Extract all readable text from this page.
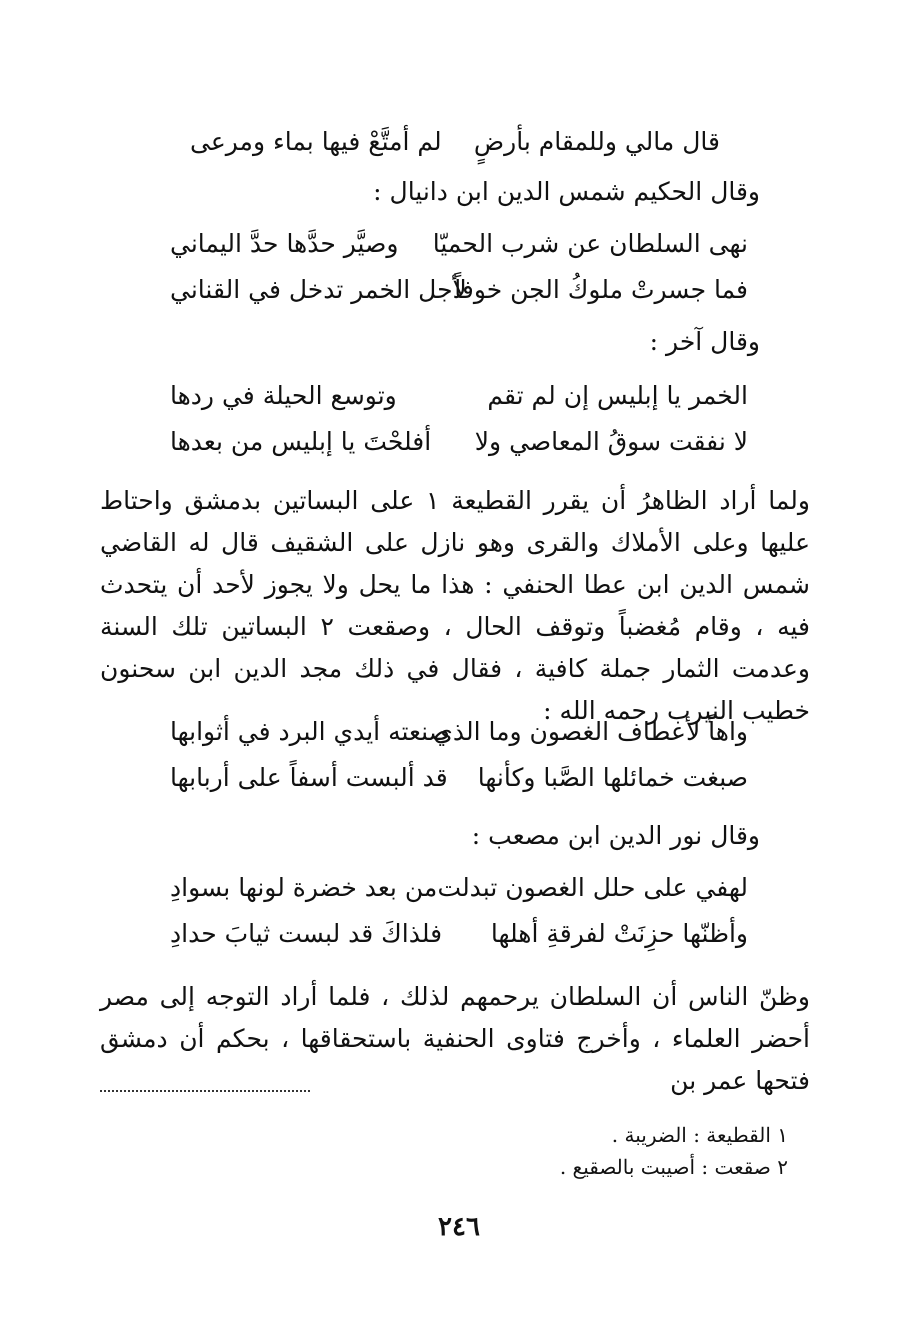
قال مالي وللمقام بأرضٍ
لم أمتَّعْ فيها بماء ومرعى
وقال الحكيم شمس الدين ابن دانيال :
نهى السلطان عن شرب الحميّا
وصيَّر حدَّها حدَّ اليماني
فما جسرتْ ملوكُ الجن خوفاً
لأجل الخمر تدخل في القناني
وقال آخر :
الخمر يا إبليس إن لم تقم
وتوسع الحيلة في ردها
لا نفقت سوقُ المعاصي ولا
أفلحْتَ يا إبليس من بعدها
ولما أراد الظاهرُ أن يقرر القطيعة ١ على البساتين بدمشق واحتاط عليها وعلى الأملاك والقرى وهو نازل على الشقيف قال له القاضي شمس الدين ابن عطا الحنفي : هذا ما يحل ولا يجوز لأحد أن يتحدث فيه ، وقام مُغضباً وتوقف الحال ، وصقعت ٢ البساتين تلك السنة وعدمت الثمار جملة كافية ، فقال في ذلك مجد الدين ابن سحنون خطيب النيرب رحمه الله :
واهاً لأعطاف الغصون وما الذي
صنعته أيدي البرد في أثوابها
صبغت خمائلها الصَّبا وكأنها
قد ألبست أسفاً على أربابها
وقال نور الدين ابن مصعب :
لهفي على حلل الغصون تبدلت
من بعد خضرة لونها بسوادِ
وأظنّها حزِنَتْ لفرقةِ أهلها
فلذاكَ قد لبست ثيابَ حدادِ
وظنّ الناس أن السلطان يرحمهم لذلك ، فلما أراد التوجه إلى مصر أحضر العلماء ، وأخرج فتاوى الحنفية باستحقاقها ، بحكم أن دمشق فتحها عمر بن
١ القطيعة : الضريبة .
٢ صقعت : أصيبت بالصقيع .
٢٤٦
